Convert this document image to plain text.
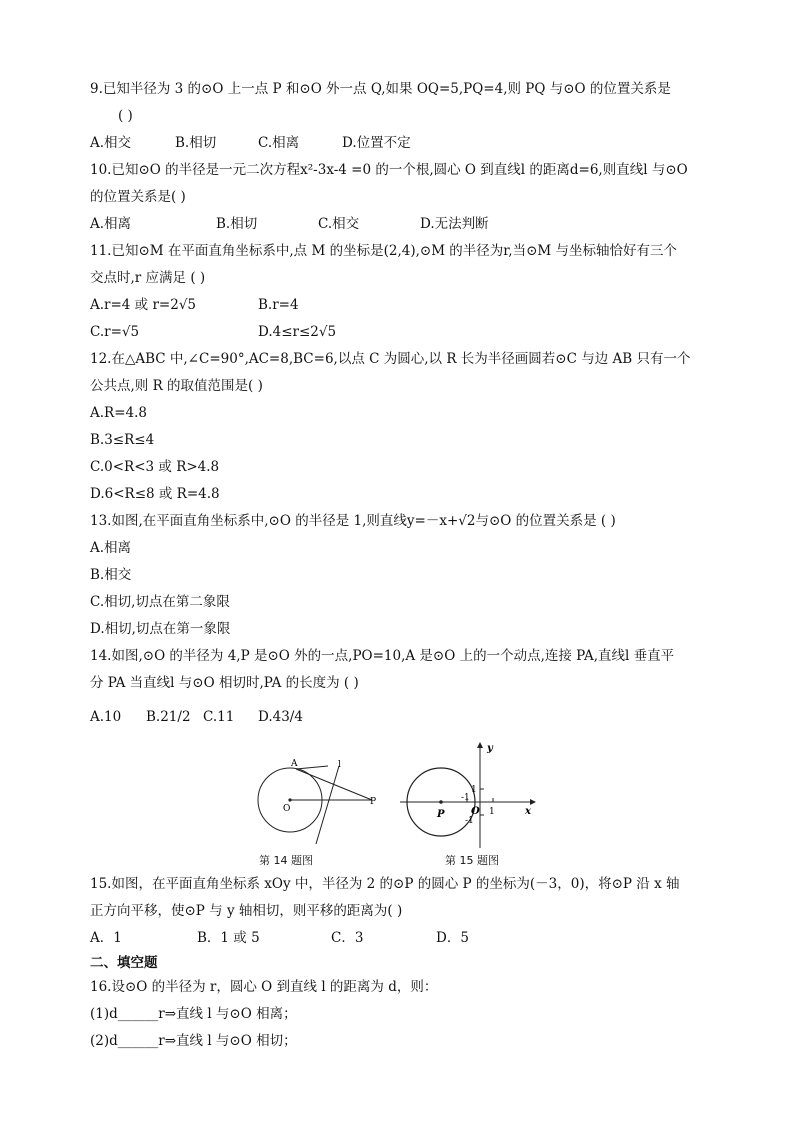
9.已知半径为 3 的⊙O 上一点 P 和⊙O 外一点 Q,如果 OQ=5,PQ=4,则 PQ 与⊙O 的位置关系是
( )
A.相交	B.相切	C.相离	D.位置不定
10.已知⊙O 的半径是一元二次方程x²-3x-4 =0 的一个根,圆心 O 到直线l 的距离d=6,则直线l 与⊙O
的位置关系是( )
A.相离	B.相切	C.相交	D.无法判断
11.已知⊙M 在平面直角坐标系中,点 M 的坐标是(2,4),⊙M 的半径为r,当⊙M 与坐标轴恰好有三个
交点时,r 应满足 ( )
A.r=4 或 r=2√5	B.r=4
C.r=√5	D.4≤r≤2√5
12.在△ABC 中,∠C=90°,AC=8,BC=6,以点 C 为圆心,以 R 长为半径画圆若⊙C 与边 AB 只有一个
公共点,则 R 的取值范围是( )
A.R=4.8
B.3≤R≤4
C.0<R<3 或 R>4.8
D.6<R≤8 或 R=4.8
13.如图,在平面直角坐标系中,⊙O 的半径是 1,则直线y=－x+√2与⊙O 的位置关系是 ( )
A.相离
B.相交
C.相切,切点在第二象限
D.相切,切点在第一象限
14.如图,⊙O 的半径为 4,P 是⊙O 外的一点,PO=10,A 是⊙O 上的一个动点,连接 PA,直线l 垂直平
分 PA 当直线l 与⊙O 相切时,PA 的长度为 ( )
A.10 B.21/2 C.11 D.43/4
A	l
O
P
第 14 题图
y
x
O
P
1
-1
1
-1
第 15 题图
15.如图，在平面直角坐标系 xOy 中，半径为 2 的⊙P 的圆心 P 的坐标为(－3，0)，将⊙P 沿 x 轴
正方向平移，使⊙P 与 y 轴相切，则平移的距离为( )
A．1	B．1 或 5	C．3	D．5
二、填空题
16.设⊙O 的半径为 r，圆心 O 到直线 l 的距离为 d，则：
(1)d______r⇒直线 l 与⊙O 相离；
(2)d______r⇒直线 l 与⊙O 相切；
